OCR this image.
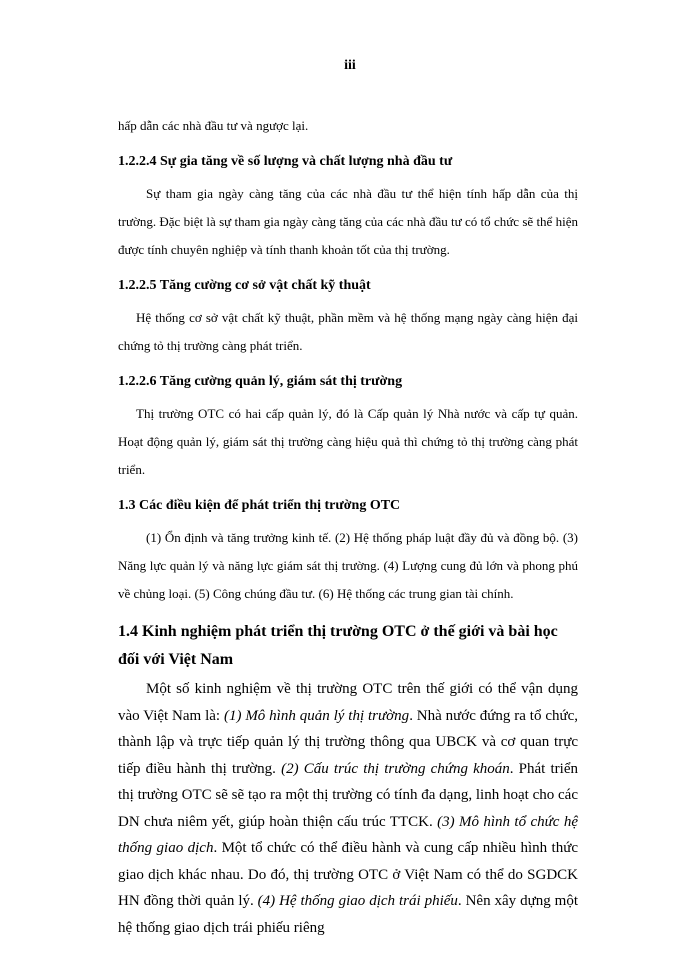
iii

hấp dẫn các nhà đầu tư và ngược lại.

1.2.2.4 Sự gia tăng về số lượng và chất lượng nhà đầu tư

Sự tham gia ngày càng tăng của các nhà đầu tư thể hiện tính hấp dẫn của thị trường. Đặc biệt là sự tham gia ngày càng tăng của các nhà đầu tư có tổ chức sẽ thể hiện được tính chuyên nghiệp và tính thanh khoản tốt của thị trường.

1.2.2.5 Tăng cường cơ sở vật chất kỹ thuật

Hệ thống cơ sở vật chất kỹ thuật, phần mềm và hệ thống mạng ngày càng hiện đại chứng tỏ thị trường càng phát triển.

1.2.2.6 Tăng cường quản lý, giám sát thị trường

Thị trường OTC có hai cấp quản lý, đó là Cấp quản lý Nhà nước và cấp tự quản. Hoạt động quản lý, giám sát thị trường càng hiệu quả thì chứng tỏ thị trường càng phát triển.

1.3 Các điều kiện để phát triển thị trường OTC

(1) Ổn định và tăng trưởng kinh tế. (2) Hệ thống pháp luật đầy đủ và đồng bộ. (3) Năng lực quản lý và năng lực giám sát thị trường. (4) Lượng cung đủ lớn và phong phú về chủng loại. (5) Công chúng đầu tư. (6) Hệ thống các trung gian tài chính.

1.4 Kinh nghiệm phát triển thị trường OTC ở thế giới và bài học đối với Việt Nam

Một số kinh nghiệm về thị trường OTC trên thế giới có thể vận dụng vào Việt Nam là: (1) Mô hình quản lý thị trường. Nhà nước đứng ra tổ chức, thành lập và trực tiếp quản lý thị trường thông qua UBCK và cơ quan trực tiếp điều hành thị trường. (2) Cấu trúc thị trường chứng khoán. Phát triển thị trường OTC sẽ sẽ tạo ra một thị trường có tính đa dạng, linh hoạt cho các DN chưa niêm yết, giúp hoàn thiện cấu trúc TTCK. (3) Mô hình tổ chức hệ thống giao dịch. Một tổ chức có thể điều hành và cung cấp nhiều hình thức giao dịch khác nhau. Do đó, thị trường OTC ở Việt Nam có thể do SGDCK HN đồng thời quản lý. (4) Hệ thống giao dịch trái phiếu. Nên xây dựng một hệ thống giao dịch trái phiếu riêng
